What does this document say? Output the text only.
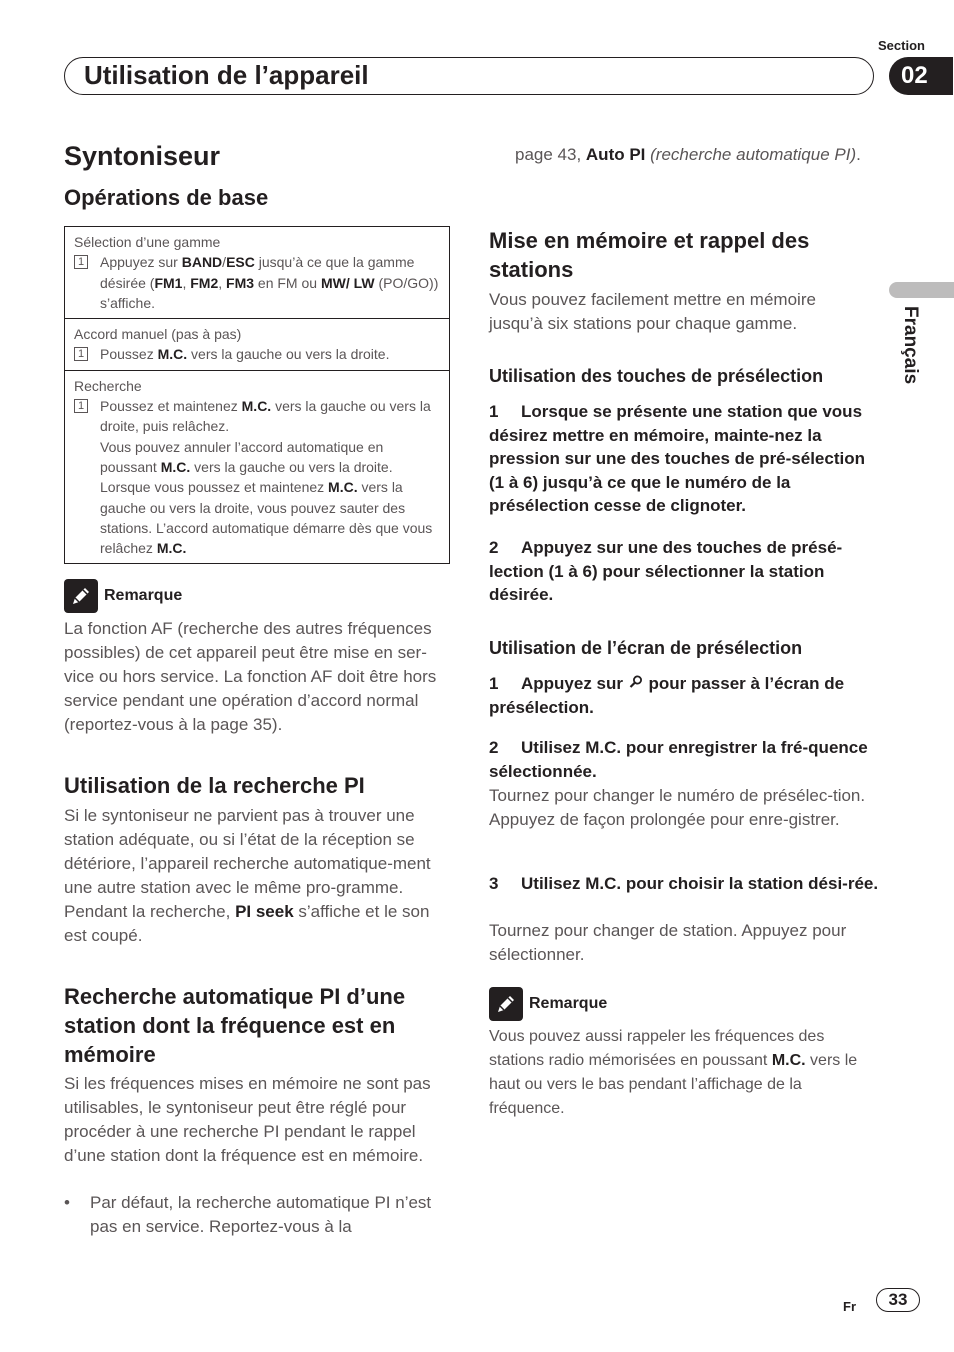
Utilisation de l’appareil
Section
02
Français
Syntoniseur
Opérations de base
Sélection d’une gamme
1 Appuyez sur BAND/ESC jusqu’à ce que la gamme désirée (FM1, FM2, FM3 en FM ou MW/ LW (PO/GO)) s’affiche.
Accord manuel (pas à pas)
1 Poussez M.C. vers la gauche ou vers la droite.
Recherche
1 Poussez et maintenez M.C. vers la gauche ou vers la droite, puis relâchez.
Vous pouvez annuler l’accord automatique en poussant M.C. vers la gauche ou vers la droite.
Lorsque vous poussez et maintenez M.C. vers la gauche ou vers la droite, vous pouvez sauter des stations. L’accord automatique démarre dès que vous relâchez M.C.
Remarque
La fonction AF (recherche des autres fréquences possibles) de cet appareil peut être mise en ser-vice ou hors service. La fonction AF doit être hors service pendant une opération d’accord normal (reportez-vous à la page 35).
Utilisation de la recherche PI
Si le syntoniseur ne parvient pas à trouver une station adéquate, ou si l’état de la réception se détériore, l’appareil recherche automatique-ment une autre station avec le même pro-gramme. Pendant la recherche, PI seek s’affiche et le son est coupé.
Recherche automatique PI d’une station dont la fréquence est en mémoire
Si les fréquences mises en mémoire ne sont pas utilisables, le syntoniseur peut être réglé pour procéder à une recherche PI pendant le rappel d’une station dont la fréquence est en mémoire.
•	Par défaut, la recherche automatique PI n’est pas en service. Reportez-vous à la
page 43, Auto PI (recherche automatique PI).
Mise en mémoire et rappel des stations
Vous pouvez facilement mettre en mémoire jusqu’à six stations pour chaque gamme.
Utilisation des touches de présélection
1 Lorsque se présente une station que vous désirez mettre en mémoire, mainte-nez la pression sur une des touches de pré-sélection (1 à 6) jusqu’à ce que le numéro de la présélection cesse de clignoter.
2 Appuyez sur une des touches de présé-lection (1 à 6) pour sélectionner la station désirée.
Utilisation de l’écran de présélection
1 Appuyez sur  pour passer à l’écran de présélection.
2 Utilisez M.C. pour enregistrer la fré-quence sélectionnée.
Tournez pour changer le numéro de présélec-tion. Appuyez de façon prolongée pour enre-gistrer.
3 Utilisez M.C. pour choisir la station dési-rée.
Tournez pour changer de station. Appuyez pour sélectionner.
Remarque
Vous pouvez aussi rappeler les fréquences des stations radio mémorisées en poussant M.C. vers le haut ou vers le bas pendant l’affichage de la fréquence.
Fr	33
